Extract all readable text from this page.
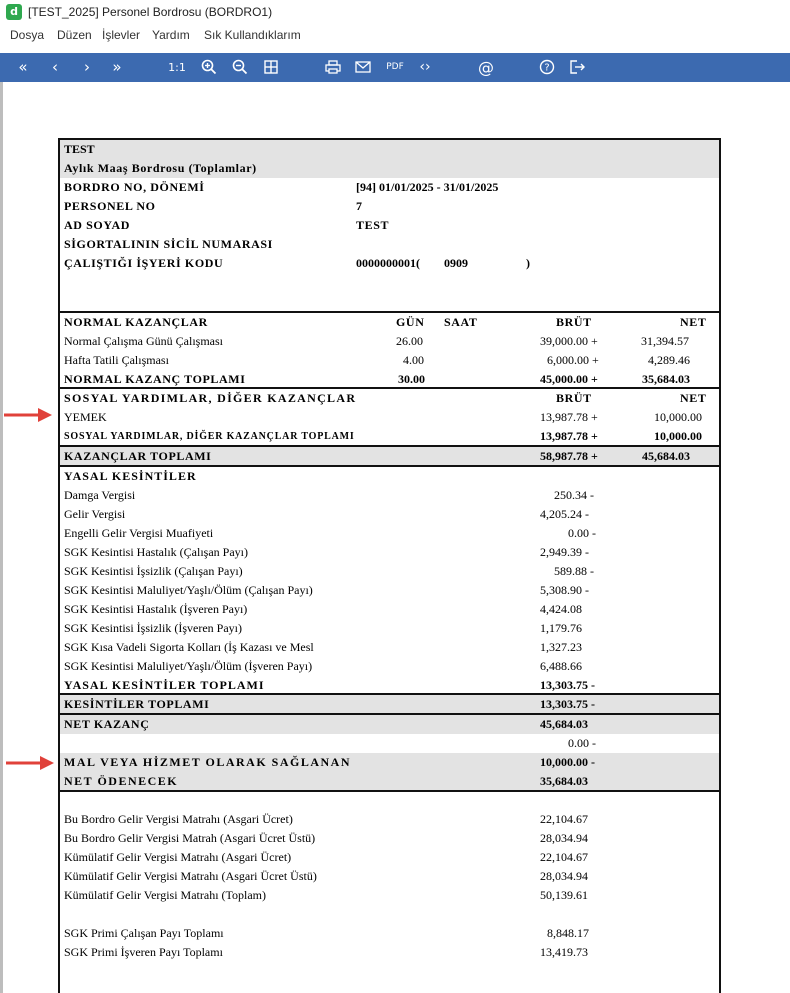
d [TEST_2025] Personel Bordrosu (BORDRO1)
Dosya Düzen İşlevler Yardım Sık Kullandıklarım
«	‹	›	»	1:1	PDF	‹›	@	?
TEST
Aylık Maaş Bordrosu (Toplamlar)
BORDRO NO, DÖNEMİ	[94] 01/01/2025 - 31/01/2025
PERSONEL NO	7
AD SOYAD	TEST
SİGORTALININ SİCİL NUMARASI
ÇALIŞTIĞI İŞYERİ KODU	0000000001( 0909	)
NORMAL KAZANÇLAR	GÜN SAAT	BRÜT	NET
Normal Çalışma Günü Çalışması	26.00	39,000.00 +	31,394.57
Hafta Tatili Çalışması	4.00	6,000.00 +	4,289.46
NORMAL KAZANÇ TOPLAMI	30.00	45,000.00 +	35,684.03
SOSYAL YARDIMLAR, DİĞER KAZANÇLAR	BRÜT	NET
YEMEK	13,987.78 +	10,000.00
SOSYAL YARDIMLAR, DİĞER KAZANÇLAR TOPLAMI	13,987.78 +	10,000.00
KAZANÇLAR TOPLAMI	58,987.78 +	45,684.03
YASAL KESİNTİLER
Damga Vergisi	250.34 -
Gelir Vergisi	4,205.24 -
Engelli Gelir Vergisi Muafiyeti	0.00 -
SGK Kesintisi Hastalık (Çalışan Payı)	2,949.39 -
SGK Kesintisi İşsizlik (Çalışan Payı)	589.88 -
SGK Kesintisi Maluliyet/Yaşlı/Ölüm (Çalışan Payı)	5,308.90 -
SGK Kesintisi Hastalık (İşveren Payı)	4,424.08
SGK Kesintisi İşsizlik (İşveren Payı)	1,179.76
SGK Kısa Vadeli Sigorta Kolları (İş Kazası ve Mesl	1,327.23
SGK Kesintisi Maluliyet/Yaşlı/Ölüm (İşveren Payı)	6,488.66
YASAL KESİNTİLER TOPLAMI	13,303.75 -
KESİNTİLER TOPLAMI	13,303.75 -
NET KAZANÇ	45,684.03
0.00 -
MAL VEYA HİZMET OLARAK SAĞLANAN	10,000.00 -
NET ÖDENECEK	35,684.03
Bu Bordro Gelir Vergisi Matrahı (Asgari Ücret)	22,104.67
Bu Bordro Gelir Vergisi Matrah (Asgari Ücret Üstü)	28,034.94
Kümülatif Gelir Vergisi Matrahı (Asgari Ücret)	22,104.67
Kümülatif Gelir Vergisi Matrahı (Asgari Ücret Üstü)	28,034.94
Kümülatif Gelir Vergisi Matrahı (Toplam)	50,139.61
SGK Primi Çalışan Payı Toplamı	8,848.17
SGK Primi İşveren Payı Toplamı	13,419.73
